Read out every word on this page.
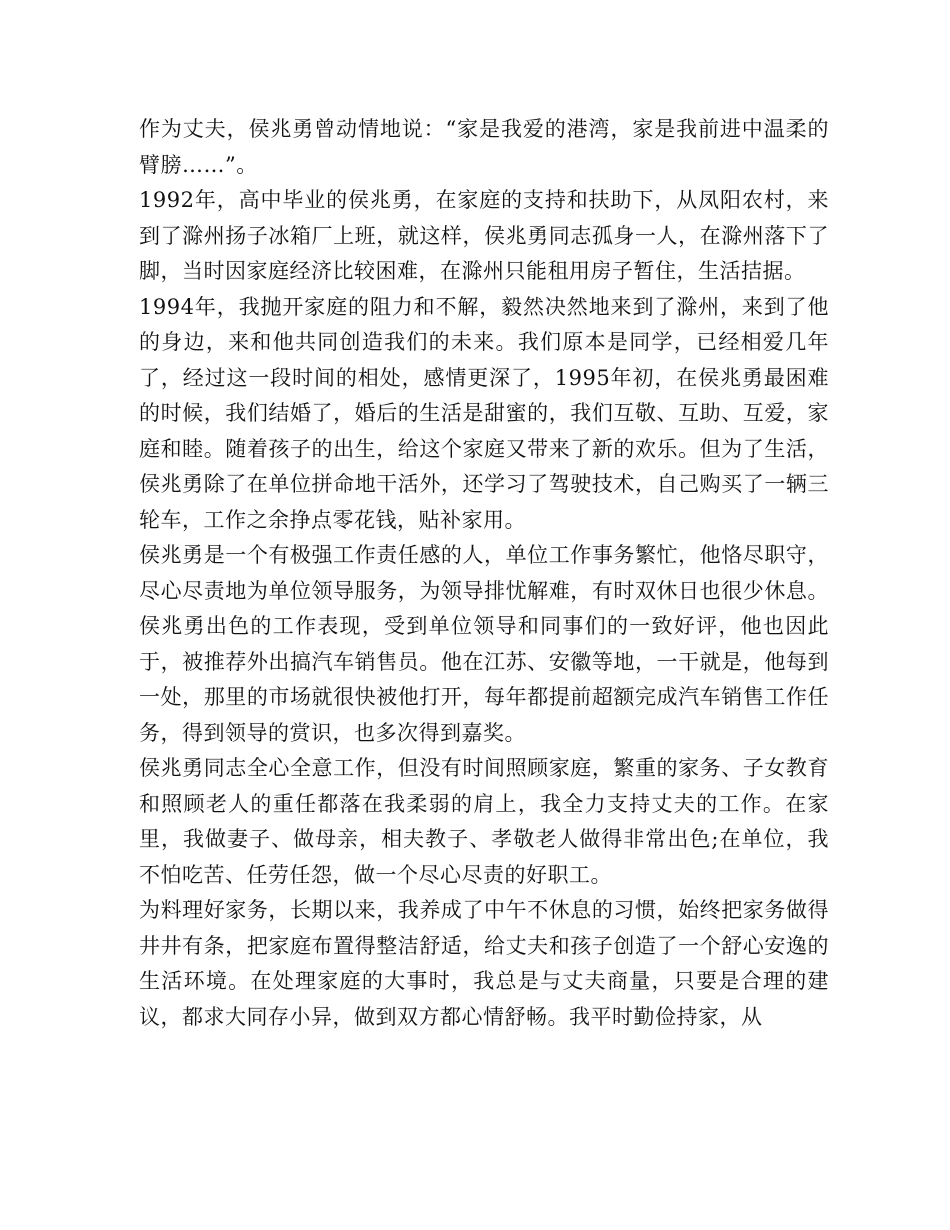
作为丈夫，侯兆勇曾动情地说：“家是我爱的港湾，家是我前进中温柔的臂膀……”。

1992年，高中毕业的侯兆勇，在家庭的支持和扶助下，从凤阳农村，来到了滁州扬子冰箱厂上班，就这样，侯兆勇同志孤身一人，在滁州落下了脚，当时因家庭经济比较困难，在滁州只能租用房子暂住，生活拮据。

1994年，我抛开家庭的阻力和不解，毅然决然地来到了滁州，来到了他的身边，来和他共同创造我们的未来。我们原本是同学，已经相爱几年了，经过这一段时间的相处，感情更深了，1995年初，在侯兆勇最困难的时候，我们结婚了，婚后的生活是甜蜜的，我们互敬、互助、互爱，家庭和睦。随着孩子的出生，给这个家庭又带来了新的欢乐。但为了生活，侯兆勇除了在单位拼命地干活外，还学习了驾驶技术，自己购买了一辆三轮车，工作之余挣点零花钱，贴补家用。

侯兆勇是一个有极强工作责任感的人，单位工作事务繁忙，他恪尽职守，尽心尽责地为单位领导服务，为领导排忧解难，有时双休日也很少休息。侯兆勇出色的工作表现，受到单位领导和同事们的一致好评，他也因此于，被推荐外出搞汽车销售员。他在江苏、安徽等地，一干就是，他每到一处，那里的市场就很快被他打开，每年都提前超额完成汽车销售工作任务，得到领导的赏识，也多次得到嘉奖。

侯兆勇同志全心全意工作，但没有时间照顾家庭，繁重的家务、子女教育和照顾老人的重任都落在我柔弱的肩上，我全力支持丈夫的工作。在家里，我做妻子、做母亲，相夫教子、孝敬老人做得非常出色;在单位，我不怕吃苦、任劳任怨，做一个尽心尽责的好职工。

为料理好家务，长期以来，我养成了中午不休息的习惯，始终把家务做得井井有条，把家庭布置得整洁舒适，给丈夫和孩子创造了一个舒心安逸的生活环境。在处理家庭的大事时，我总是与丈夫商量，只要是合理的建议，都求大同存小异，做到双方都心情舒畅。我平时勤俭持家，从
